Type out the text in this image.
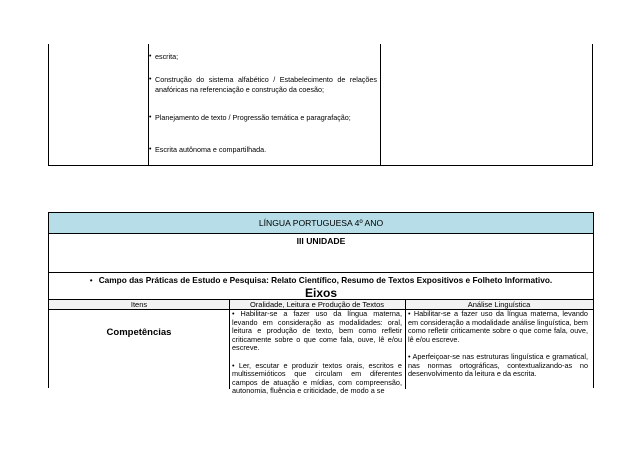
• escrita;
• Construção do sistema alfabético / Estabelecimento de relações anafóricas na referenciação e construção da coesão;
• Planejamento de texto / Progressão temática e paragrafação;
• Escrita autônoma e compartilhada.
LÍNGUA PORTUGUESA 4º ANO
III UNIDADE
• Campo das Práticas de Estudo e Pesquisa: Relato Científico, Resumo de Textos Expositivos e Folheto Informativo.
Eixos
Itens	Oralidade, Leitura e Produção de Textos	Análise Linguística
Competências

• Habilitar-se a fazer uso da língua materna, levando em consideração as modalidades: oral, leitura e produção de texto, bem como refletir criticamente sobre o que come fala, ouve, lê e/ou escreve.

• Ler, escutar e produzir textos orais, escritos e multissemióticos que circulam em diferentes campos de atuação e mídias, com compreensão, autonomia, fluência e criticidade, de modo a se

• Habilitar-se a fazer uso da língua materna, levando em consideração a modalidade análise linguística, bem como refletir criticamente sobre o que come fala, ouve, lê e/ou escreve.

• Aperfeiçoar-se nas estruturas linguística e gramatical, nas normas ortográficas, contextualizando-as no desenvolvimento da leitura e da escrita.
